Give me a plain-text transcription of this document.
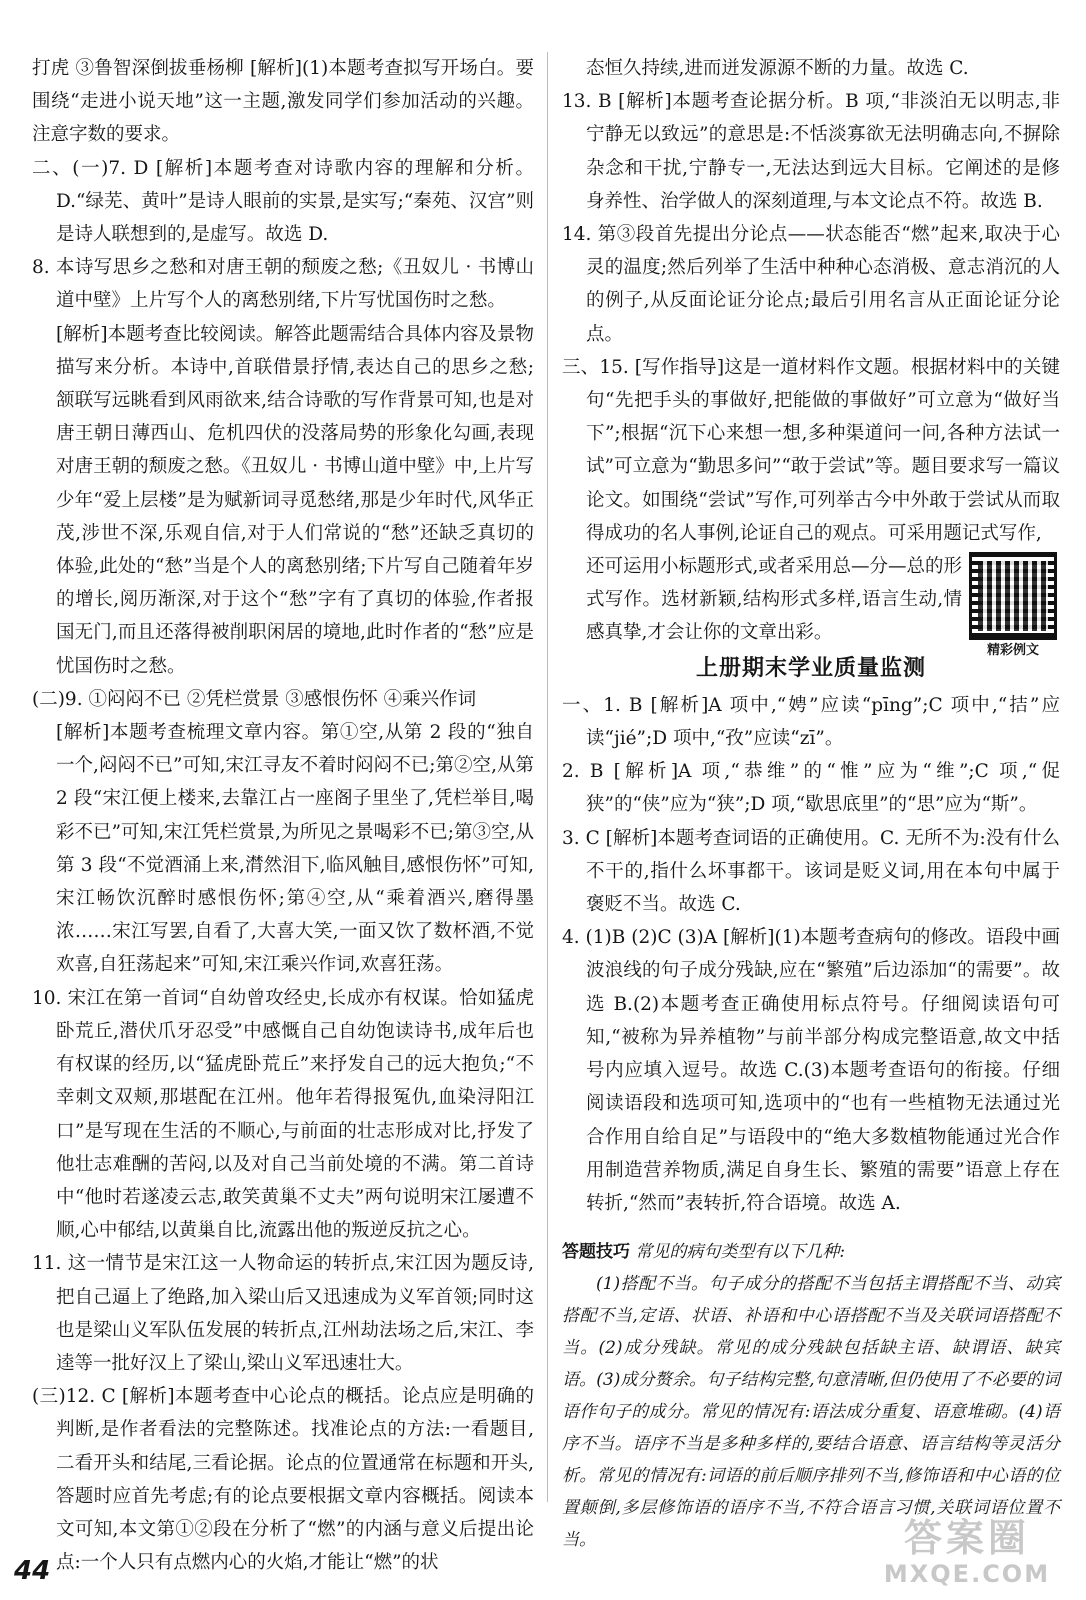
打虎 ③鲁智深倒拔垂杨柳 [解析](1)本题考查拟写开场白。要围绕“走进小说天地”这一主题,激发同学们参加活动的兴趣。注意字数的要求。

二、(一)7. D [解析]本题考查对诗歌内容的理解和分析。D.“绿芜、黄叶”是诗人眼前的实景,是实写;“秦苑、汉宫”则是诗人联想到的,是虚写。故选 D.

8. 本诗写思乡之愁和对唐王朝的颓废之愁;《丑奴儿 · 书博山道中壁》上片写个人的离愁别绪,下片写忧国伤时之愁。

[解析]本题考查比较阅读。解答此题需结合具体内容及景物描写来分析。本诗中,首联借景抒情,表达自己的思乡之愁;颔联写远眺看到风雨欲来,结合诗歌的写作背景可知,也是对唐王朝日薄西山、危机四伏的没落局势的形象化勾画,表现对唐王朝的颓废之愁。《丑奴儿 · 书博山道中壁》中,上片写少年“爱上层楼”是为赋新词寻觅愁绪,那是少年时代,风华正茂,涉世不深,乐观自信,对于人们常说的“愁”还缺乏真切的体验,此处的“愁”当是个人的离愁别绪;下片写自己随着年岁的增长,阅历渐深,对于这个“愁”字有了真切的体验,作者报国无门,而且还落得被削职闲居的境地,此时作者的“愁”应是忧国伤时之愁。

(二)9. ①闷闷不已 ②凭栏赏景 ③感恨伤怀 ④乘兴作词

[解析]本题考查梳理文章内容。第①空,从第 2 段的“独自一个,闷闷不已”可知,宋江寻友不着时闷闷不已;第②空,从第 2 段“宋江便上楼来,去靠江占一座阁子里坐了,凭栏举目,喝彩不已”可知,宋江凭栏赏景,为所见之景喝彩不已;第③空,从第 3 段“不觉酒涌上来,潸然泪下,临风触目,感恨伤怀”可知,宋江畅饮沉醉时感恨伤怀;第④空,从“乘着酒兴,磨得墨浓……宋江写罢,自看了,大喜大笑,一面又饮了数杯酒,不觉欢喜,自狂荡起来”可知,宋江乘兴作词,欢喜狂荡。

10. 宋江在第一首词“自幼曾攻经史,长成亦有权谋。恰如猛虎卧荒丘,潜伏爪牙忍受”中感慨自己自幼饱读诗书,成年后也有权谋的经历,以“猛虎卧荒丘”来抒发自己的远大抱负;“不幸刺文双颊,那堪配在江州。他年若得报冤仇,血染浔阳江口”是写现在生活的不顺心,与前面的壮志形成对比,抒发了他壮志难酬的苦闷,以及对自己当前处境的不满。第二首诗中“他时若遂凌云志,敢笑黄巢不丈夫”两句说明宋江屡遭不顺,心中郁结,以黄巢自比,流露出他的叛逆反抗之心。

11. 这一情节是宋江这一人物命运的转折点,宋江因为题反诗,把自己逼上了绝路,加入梁山后又迅速成为义军首领;同时这也是梁山义军队伍发展的转折点,江州劫法场之后,宋江、李逵等一批好汉上了梁山,梁山义军迅速壮大。

(三)12. C [解析]本题考查中心论点的概括。论点应是明确的判断,是作者看法的完整陈述。找准论点的方法:一看题目,二看开头和结尾,三看论据。论点的位置通常在标题和开头,答题时应首先考虑;有的论点要根据文章内容概括。阅读本文可知,本文第①②段在分析了“燃”的内涵与意义后提出论点:一个人只有点燃内心的火焰,才能让“燃”的状

态恒久持续,进而迸发源源不断的力量。故选 C.

13. B [解析]本题考查论据分析。B 项,“非淡泊无以明志,非宁静无以致远”的意思是:不恬淡寡欲无法明确志向,不摒除杂念和干扰,宁静专一,无法达到远大目标。它阐述的是修身养性、治学做人的深刻道理,与本文论点不符。故选 B.

14. 第③段首先提出分论点——状态能否“燃”起来,取决于心灵的温度;然后列举了生活中种种心态消极、意志消沉的人的例子,从反面论证分论点;最后引用名言从正面论证分论点。

三、15. [写作指导]这是一道材料作文题。根据材料中的关键句“先把手头的事做好,把能做的事做好”可立意为“做好当下”;根据“沉下心来想一想,多种渠道问一问,各种方法试一试”可立意为“勤思多问”“敢于尝试”等。题目要求写一篇议论文。如围绕“尝试”写作,可列举古今中外敢于尝试从而取得成功的名人事例,论证自己的观点。可采用题记式写作,

还可运用小标题形式,或者采用总—分—总的形式写作。选材新颖,结构形式多样,语言生动,情感真挚,才会让你的文章出彩。

精彩例文
上册期末学业质量监测

一、1. B [解析]A 项中,“娉”应读“pīng”;C 项中,“拮”应读“jié”;D 项中,“孜”应读“zī”。

2. B [解析]A 项,“恭维”的“惟”应为“维”;C 项,“促狭”的“侠”应为“狭”;D 项,“歇思底里”的“思”应为“斯”。

3. C [解析]本题考查词语的正确使用。C. 无所不为:没有什么不干的,指什么坏事都干。该词是贬义词,用在本句中属于褒贬不当。故选 C.

4. (1)B (2)C (3)A [解析](1)本题考查病句的修改。语段中画波浪线的句子成分残缺,应在“繁殖”后边添加“的需要”。故选 B.(2)本题考查正确使用标点符号。仔细阅读语句可知,“被称为异养植物”与前半部分构成完整语意,故文中括号内应填入逗号。故选 C.(3)本题考查语句的衔接。仔细阅读语段和选项可知,选项中的“也有一些植物无法通过光合作用自给自足”与语段中的“绝大多数植物能通过光合作用制造营养物质,满足自身生长、繁殖的需要”语意上存在转折,“然而”表转折,符合语境。故选 A.

答题技巧 常见的病句类型有以下几种:

(1)搭配不当。句子成分的搭配不当包括主谓搭配不当、动宾搭配不当,定语、状语、补语和中心语搭配不当及关联词语搭配不当。(2)成分残缺。常见的成分残缺包括缺主语、缺谓语、缺宾语。(3)成分赘余。句子结构完整,句意清晰,但仍使用了不必要的词语作句子的成分。常见的情况有:语法成分重复、语意堆砌。(4)语序不当。语序不当是多种多样的,要结合语意、语言结构等灵活分析。常见的情况有:词语的前后顺序排列不当,修饰语和中心语的位置颠倒,多层修饰语的语序不当,不符合语言习惯,关联词语位置不当。

44
答案圈
MXQE.COM
